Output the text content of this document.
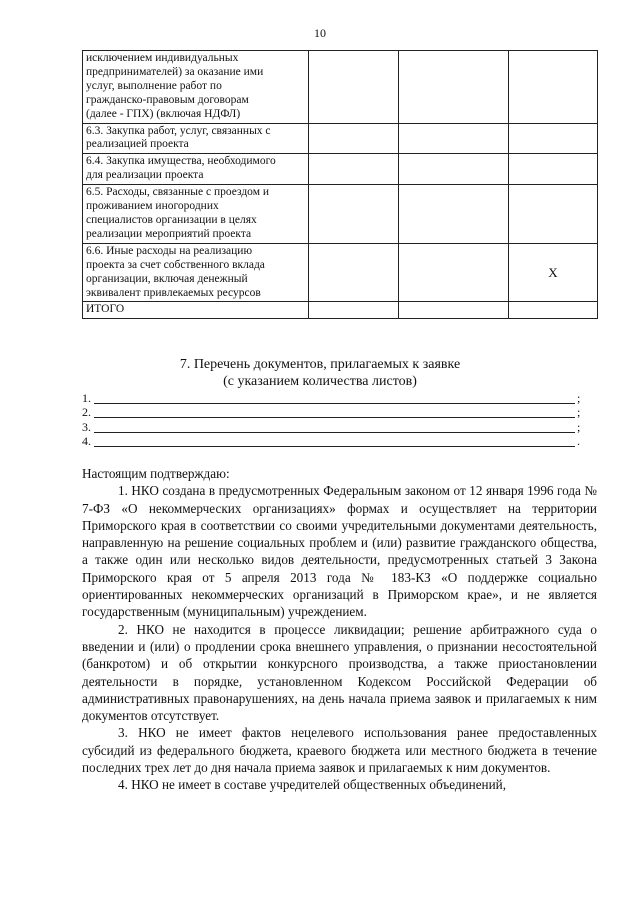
10
исключением индивидуальных
предпринимателей) за оказание ими
услуг, выполнение работ по
гражданско-правовым договорам
(далее - ГПХ) (включая НДФЛ)			

6.3. Закупка работ, услуг, связанных с
реализацией проекта			

6.4. Закупка имущества, необходимого
для реализации проекта			

6.5. Расходы, связанные с проездом и
проживанием иногородних
специалистов организации в целях
реализации мероприятий проекта			

6.6. Иные расходы на реализацию
проекта за счет собственного вклада
организации, включая денежный
эквивалент привлекаемых ресурсов			X

ИТОГО			

7. Перечень документов, прилагаемых к заявке
(с указанием количества листов)
1.	;
2.	;
3.	;
4.	.

Настоящим подтверждаю:

1. НКО создана в предусмотренных Федеральным законом от 12 января 1996 года № 7-ФЗ «О некоммерческих организациях» формах и осуществляет на территории Приморского края в соответствии со своими учредительными документами деятельность, направленную на решение социальных проблем и (или) развитие гражданского общества, а также один или несколько видов деятельности, предусмотренных статьей 3 Закона Приморского края от 5 апреля 2013 года № 183-КЗ «О поддержке социально ориентированных некоммерческих организаций в Приморском крае», и не является государственным (муниципальным) учреждением.

2. НКО не находится в процессе ликвидации; решение арбитражного суда о введении и (или) о продлении срока внешнего управления, о признании несостоятельной (банкротом) и об открытии конкурсного производства, а также приостановлении деятельности в порядке, установленном Кодексом Российской Федерации об административных правонарушениях, на день начала приема заявок и прилагаемых к ним документов отсутствует.

3. НКО не имеет фактов нецелевого использования ранее предоставленных субсидий из федерального бюджета, краевого бюджета или местного бюджета в течение последних трех лет до дня начала приема заявок и прилагаемых к ним документов.

4. НКО не имеет в составе учредителей общественных объединений,
